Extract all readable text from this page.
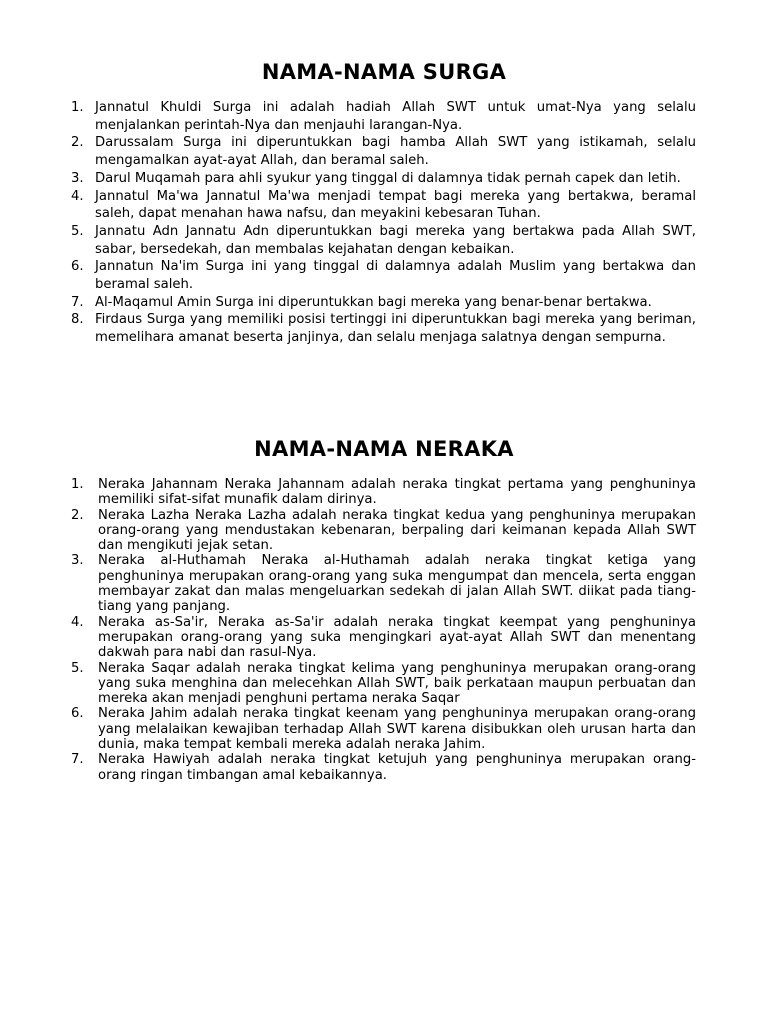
NAMA-NAMA SURGA
1. Jannatul Khuldi Surga ini adalah hadiah Allah SWT untuk umat-Nya yang selalu menjalankan perintah-Nya dan menjauhi larangan-Nya.
2. Darussalam Surga ini diperuntukkan bagi hamba Allah SWT yang istikamah, selalu mengamalkan ayat-ayat Allah, dan beramal saleh.
3. Darul Muqamah para ahli syukur yang tinggal di dalamnya tidak pernah capek dan letih.
4. Jannatul Ma'wa Jannatul Ma'wa menjadi tempat bagi mereka yang bertakwa, beramal saleh, dapat menahan hawa nafsu, dan meyakini kebesaran Tuhan.
5. Jannatu Adn Jannatu Adn diperuntukkan bagi mereka yang bertakwa pada Allah SWT, sabar, bersedekah, dan membalas kejahatan dengan kebaikan.
6. Jannatun Na'im Surga ini yang tinggal di dalamnya adalah Muslim yang bertakwa dan beramal saleh.
7. Al-Maqamul Amin Surga ini diperuntukkan bagi mereka yang benar-benar bertakwa.
8. Firdaus Surga yang memiliki posisi tertinggi ini diperuntukkan bagi mereka yang beriman, memelihara amanat beserta janjinya, dan selalu menjaga salatnya dengan sempurna.
NAMA-NAMA NERAKA
1. Neraka Jahannam Neraka Jahannam adalah neraka tingkat pertama yang penghuninya memiliki sifat-sifat munafik dalam dirinya.
2. Neraka Lazha Neraka Lazha adalah neraka tingkat kedua yang penghuninya merupakan orang-orang yang mendustakan kebenaran, berpaling dari keimanan kepada Allah SWT dan mengikuti jejak setan.
3. Neraka al-Huthamah Neraka al-Huthamah adalah neraka tingkat ketiga yang penghuninya merupakan orang-orang yang suka mengumpat dan mencela, serta enggan membayar zakat dan malas mengeluarkan sedekah di jalan Allah SWT. diikat pada tiang-tiang yang panjang.
4. Neraka as-Sa'ir, Neraka as-Sa'ir adalah neraka tingkat keempat yang penghuninya merupakan orang-orang yang suka mengingkari ayat-ayat Allah SWT dan menentang dakwah para nabi dan rasul-Nya.
5. Neraka Saqar adalah neraka tingkat kelima yang penghuninya merupakan orang-orang yang suka menghina dan melecehkan Allah SWT, baik perkataan maupun perbuatan dan mereka akan menjadi penghuni pertama neraka Saqar
6. Neraka Jahim adalah neraka tingkat keenam yang penghuninya merupakan orang-orang yang melalaikan kewajiban terhadap Allah SWT karena disibukkan oleh urusan harta dan dunia, maka tempat kembali mereka adalah neraka Jahim.
7. Neraka Hawiyah adalah neraka tingkat ketujuh yang penghuninya merupakan orang-orang ringan timbangan amal kebaikannya.
